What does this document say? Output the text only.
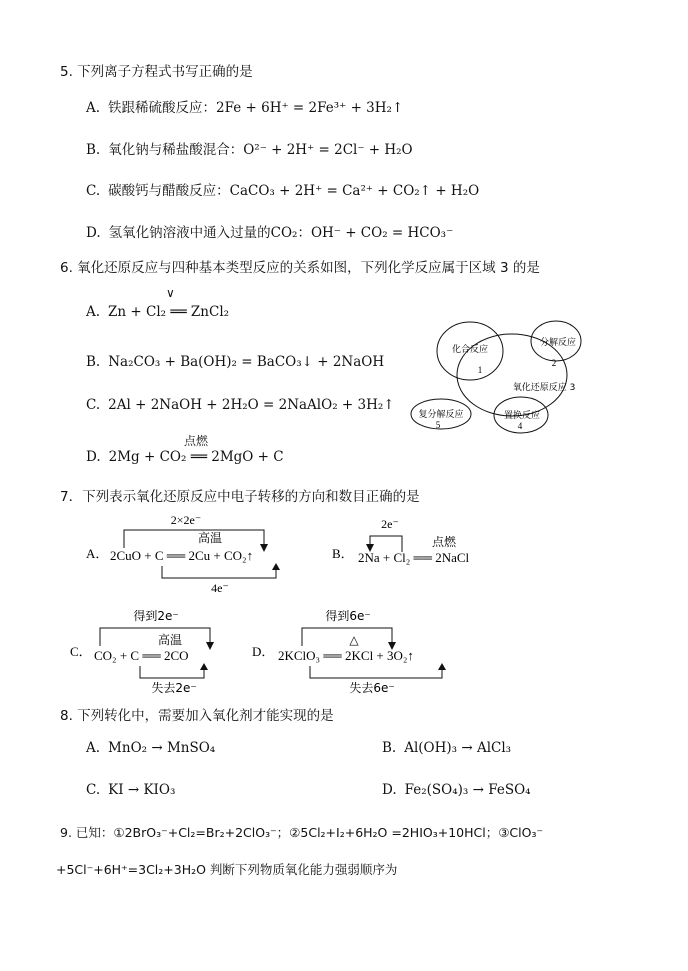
5. 下列离子方程式书写正确的是
A. 铁跟稀硫酸反应：2Fe + 6H⁺ = 2Fe³⁺ + 3H₂↑
B. 氧化钠与稀盐酸混合：O²⁻ + 2H⁺ = 2Cl⁻ + H₂O
C. 碳酸钙与醋酸反应：CaCO₃ + 2H⁺ = Ca²⁺ + CO₂↑ + H₂O
D. 氢氧化钠溶液中通入过量的CO₂：OH⁻ + CO₂ = HCO₃⁻
6. 氧化还原反应与四种基本类型反应的关系如图，下列化学反应属于区域 3 的是
∨
A. Zn + Cl₂ ══ ZnCl₂
B. Na₂CO₃ + Ba(OH)₂ = BaCO₃↓ + 2NaOH
C. 2Al + 2NaOH + 2H₂O = 2NaAlO₂ + 3H₂↑
点燃
D. 2Mg + CO₂ ══ 2MgO + C
化合反应
1
分解反应
2
氧化还原反应 3
复分解反应
5
置换反应
4
7．下列表示氧化还原反应中电子转移的方向和数目正确的是
A．
2×2e⁻
高温
2CuO + C ══ 2Cu + CO₂↑
4e⁻
B．
2e⁻
点燃
2Na + Cl₂ ══ 2NaCl
C．
得到2e⁻
高温
CO₂ + C ══ 2CO
失去2e⁻
D．
得到6e⁻
△
2KClO₃ ══ 2KCl + 3O₂↑
失去6e⁻
8. 下列转化中，需要加入氧化剂才能实现的是
A. MnO₂ → MnSO₄	B. Al(OH)₃ → AlCl₃
C. KI → KIO₃	D. Fe₂(SO₄)₃ → FeSO₄
9. 已知：①2BrO₃⁻+Cl₂=Br₂+2ClO₃⁻；②5Cl₂+I₂+6H₂O =2HIO₃+10HCl；③ClO₃⁻
+5Cl⁻+6H⁺=3Cl₂+3H₂O 判断下列物质氧化能力强弱顺序为
